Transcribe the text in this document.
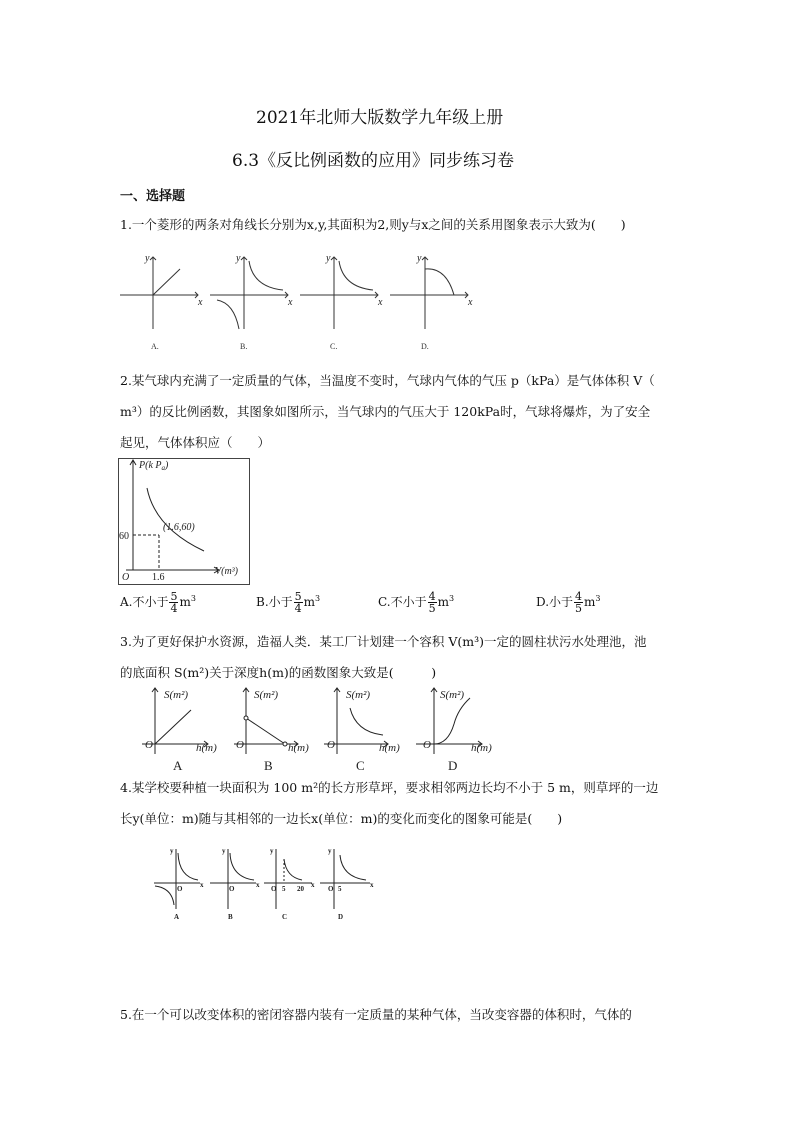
2021年北师大版数学九年级上册
6.3《反比例函数的应用》同步练习卷
一、选择题
1.一个菱形的两条对角线长分别为x,y,其面积为2,则y与x之间的关系用图象表示大致为(　　)
y
x
y
x
y
x
y
x
A.	B.	C.	D.
2.某气球内充满了一定质量的气体，当温度不变时，气球内气体的气压 p（kPa）是气体体积 V（
m³）的反比例函数，其图象如图所示，当气球内的气压大于 120kPa时，气球将爆炸，为了安全
起见，气体体积应（　　）
P(k $P_a$)
(1.6,60)
60
O 1.6
V(m³)
A.不小于 $\frac{5}{4} m^3$	B.小于 $\frac{5}{4} m^3$	C.不小于 $\frac{4}{5} m^3$	D.小于 $\frac{4}{5} m^3$
3.为了更好保护水资源，造福人类．某工厂计划建一个容积 V(m³)一定的圆柱状污水处理池，池
的底面积 S(m²)关于深度h(m)的函数图象大致是(　　　)
S(m²)
O	h(m)
S(m²)
O	h(m)
S(m²)
O	h(m)
S(m²)
O	h(m)
A	B	C	D
4.某学校要种植一块面积为 100 m²的长方形草坪，要求相邻两边长均不小于 5 m，则草坪的一边
长y(单位：m)随与其相邻的一边长x(单位：m)的变化而变化的图象可能是(　　)
y
O	x
y
O	x
y
O 5 20 x
y
O 5	x
A	B	C	D
5.在一个可以改变体积的密闭容器内装有一定质量的某种气体，当改变容器的体积时，气体的
